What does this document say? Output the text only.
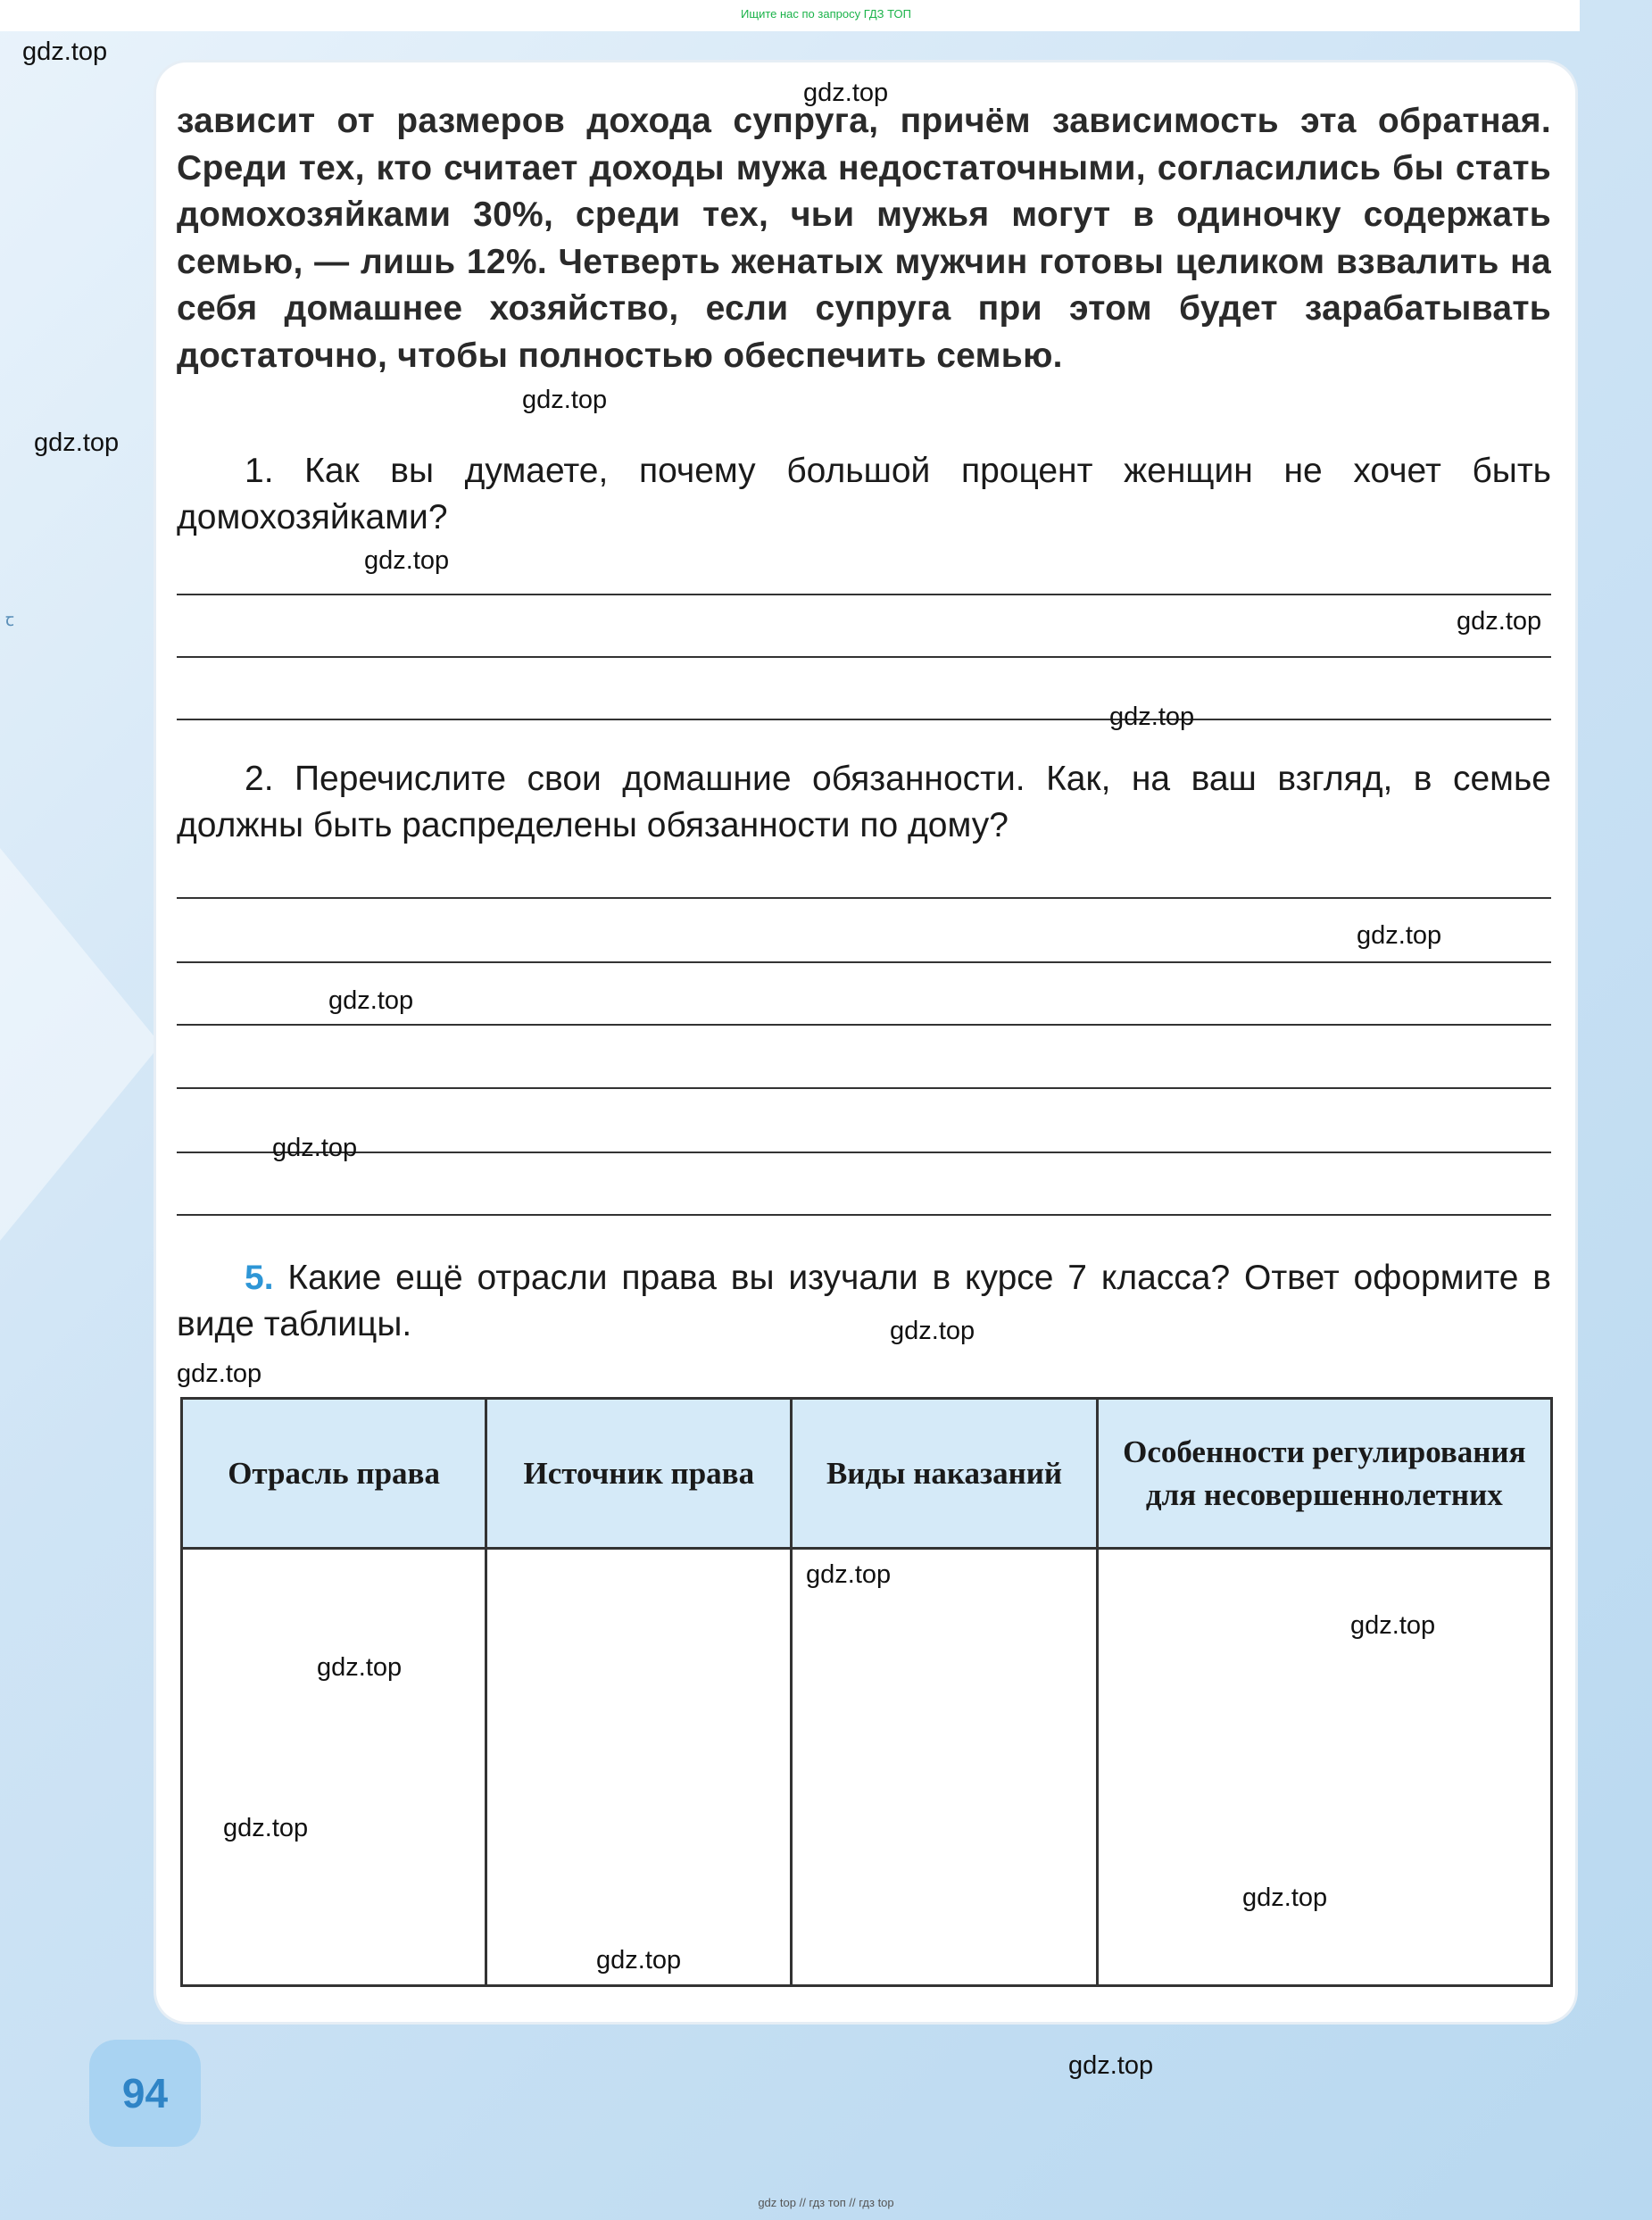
Ищите нас по запросу ГДЗ ТОП

зависит от размеров дохода супруга, причём зависимость эта обратная. Среди тех, кто считает доходы мужа недостаточными, согласились бы стать домохозяйками 30%, среди тех, чьи мужья могут в одиночку содержать семью, — лишь 12%. Четверть женатых мужчин готовы целиком взвалить на себя домашнее хозяйство, если супруга при этом будет зарабатывать достаточно, чтобы полностью обеспечить семью.

1. Как вы думаете, почему большой процент женщин не хочет быть домохозяйками?

2. Перечислите свои домашние обязанности. Как, на ваш взгляд, в семье должны быть распределены обязанности по дому?

5. Какие ещё отрасли права вы изучали в курсе 7 класса? Ответ оформите в виде таблицы.

Отрасль права	Источник права	Виды наказаний	Особенности регулирования для несовершеннолетних

94
ꞇ
gdz.top
gdz.top
gdz.top
gdz.top
gdz.top
gdz.top
gdz.top
gdz.top
gdz.top
gdz.top
gdz.top
gdz.top
gdz.top
gdz.top
gdz.top
gdz.top
gdz.top
gdz.top
gdz.top
gdz top // гдз топ // гдз top
